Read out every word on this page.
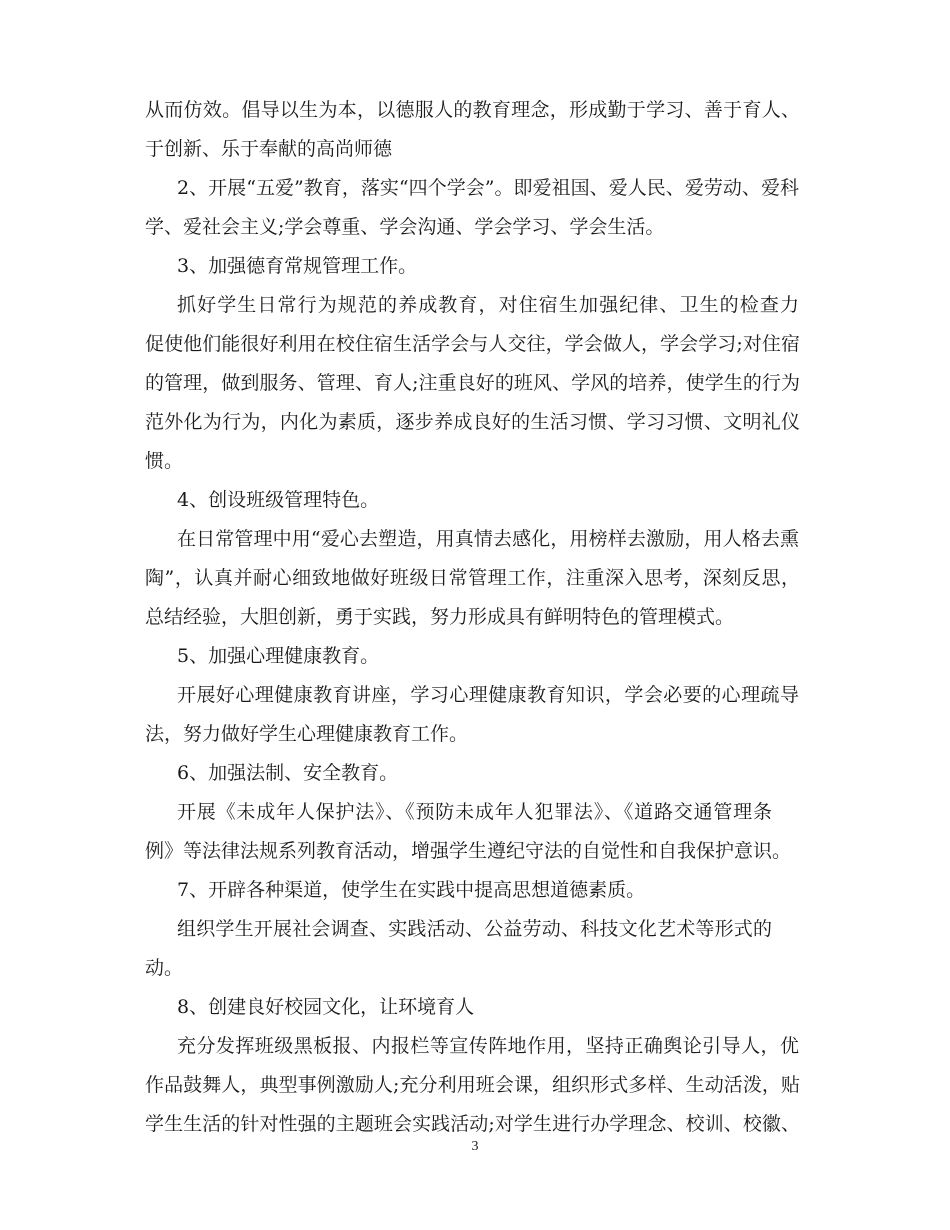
从而仿效。倡导以生为本，以德服人的教育理念，形成勤于学习、善于育人、
于创新、乐于奉献的高尚师德
2、开展“五爱”教育，落实“四个学会”。即爱祖国、爱人民、爱劳动、爱科
学、爱社会主义;学会尊重、学会沟通、学会学习、学会生活。
3、加强德育常规管理工作。
抓好学生日常行为规范的养成教育，对住宿生加强纪律、卫生的检查力
促使他们能很好利用在校住宿生活学会与人交往，学会做人，学会学习;对住宿
的管理，做到服务、管理、育人;注重良好的班风、学风的培养，使学生的行为
范外化为行为，内化为素质，逐步养成良好的生活习惯、学习习惯、文明礼仪
惯。
4、创设班级管理特色。
在日常管理中用“爱心去塑造，用真情去感化，用榜样去激励，用人格去熏
陶”，认真并耐心细致地做好班级日常管理工作，注重深入思考，深刻反思，
总结经验，大胆创新，勇于实践，努力形成具有鲜明特色的管理模式。
5、加强心理健康教育。
开展好心理健康教育讲座，学习心理健康教育知识，学会必要的心理疏导
法，努力做好学生心理健康教育工作。
6、加强法制、安全教育。
开展《未成年人保护法》、《预防未成年人犯罪法》、《道路交通管理条
例》等法律法规系列教育活动，增强学生遵纪守法的自觉性和自我保护意识。
7、开辟各种渠道，使学生在实践中提高思想道德素质。
组织学生开展社会调查、实践活动、公益劳动、科技文化艺术等形式的
动。
8、创建良好校园文化，让环境育人
充分发挥班级黑板报、内报栏等宣传阵地作用，坚持正确舆论引导人，优
作品鼓舞人，典型事例激励人;充分利用班会课，组织形式多样、生动活泼，贴
学生生活的针对性强的主题班会实践活动;对学生进行办学理念、校训、校徽、
3
